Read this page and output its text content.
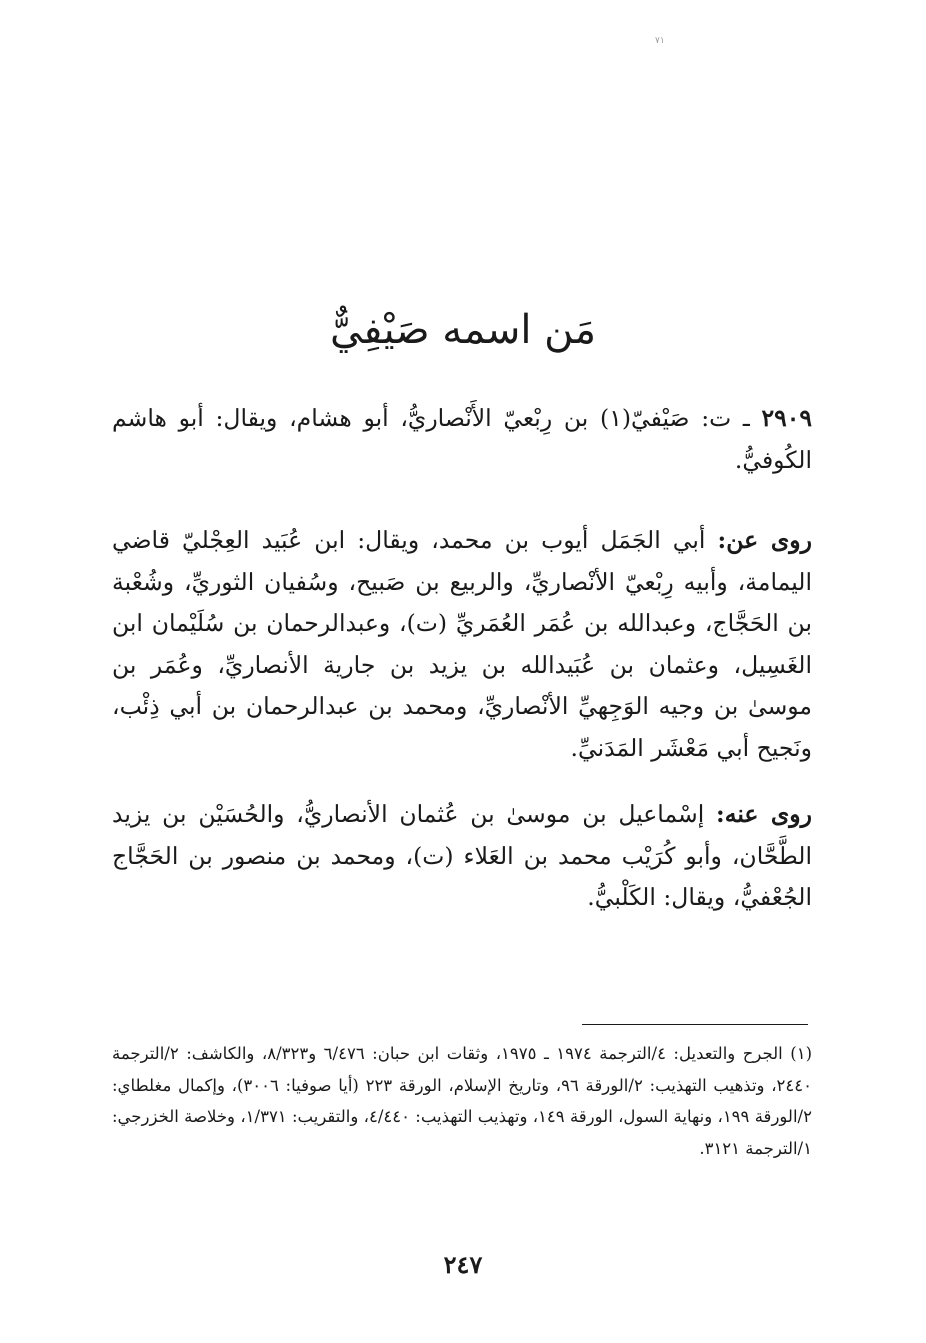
٧١
مَن اسمه صَيْفِيٌّ

٢٩٠٩ ـ ت: صَيْفيّ(١) بن رِبْعيّ الأَنْصاريُّ، أبو هشام، ويقال: أبو هاشم الكُوفيُّ.

روى عن: أبي الجَمَل أيوب بن محمد، ويقال: ابن عُبَيد العِجْليّ قاضي اليمامة، وأبيه رِبْعيّ الأنْصاريِّ، والربيع بن صَبيح، وسُفيان الثوريِّ، وشُعْبة بن الحَجَّاج، وعبدالله بن عُمَر العُمَريِّ (ت)، وعبدالرحمان بن سُلَيْمان ابن الغَسِيل، وعثمان بن عُبَيدالله بن يزيد بن جارية الأنصاريِّ، وعُمَر بن موسىٰ بن وجيه الوَجِهيِّ الأنْصاريِّ، ومحمد بن عبدالرحمان بن أبي ذِئْب، ونَجيح أبي مَعْشَر المَدَنيِّ.

روى عنه: إسْماعيل بن موسىٰ بن عُثمان الأنصاريُّ، والحُسَيْن بن يزيد الطَّحَّان، وأبو كُرَيْب محمد بن العَلاء (ت)، ومحمد بن منصور بن الحَجَّاج الجُعْفيُّ، ويقال: الكَلْبيُّ.

(١) الجرح والتعديل: ٤/الترجمة ١٩٧٤ ـ ١٩٧٥، وثقات ابن حبان: ٦/٤٧٦ و٨/٣٢٣، والكاشف: ٢/الترجمة ٢٤٤٠، وتذهيب التهذيب: ٢/الورقة ٩٦، وتاريخ الإسلام، الورقة ٢٢٣ (أيا صوفيا: ٣٠٠٦)، وإكمال مغلطاي: ٢/الورقة ١٩٩، ونهاية السول، الورقة ١٤٩، وتهذيب التهذيب: ٤/٤٤٠، والتقريب: ١/٣٧١، وخلاصة الخزرجي: ١/الترجمة ٣١٢١.

٢٤٧
